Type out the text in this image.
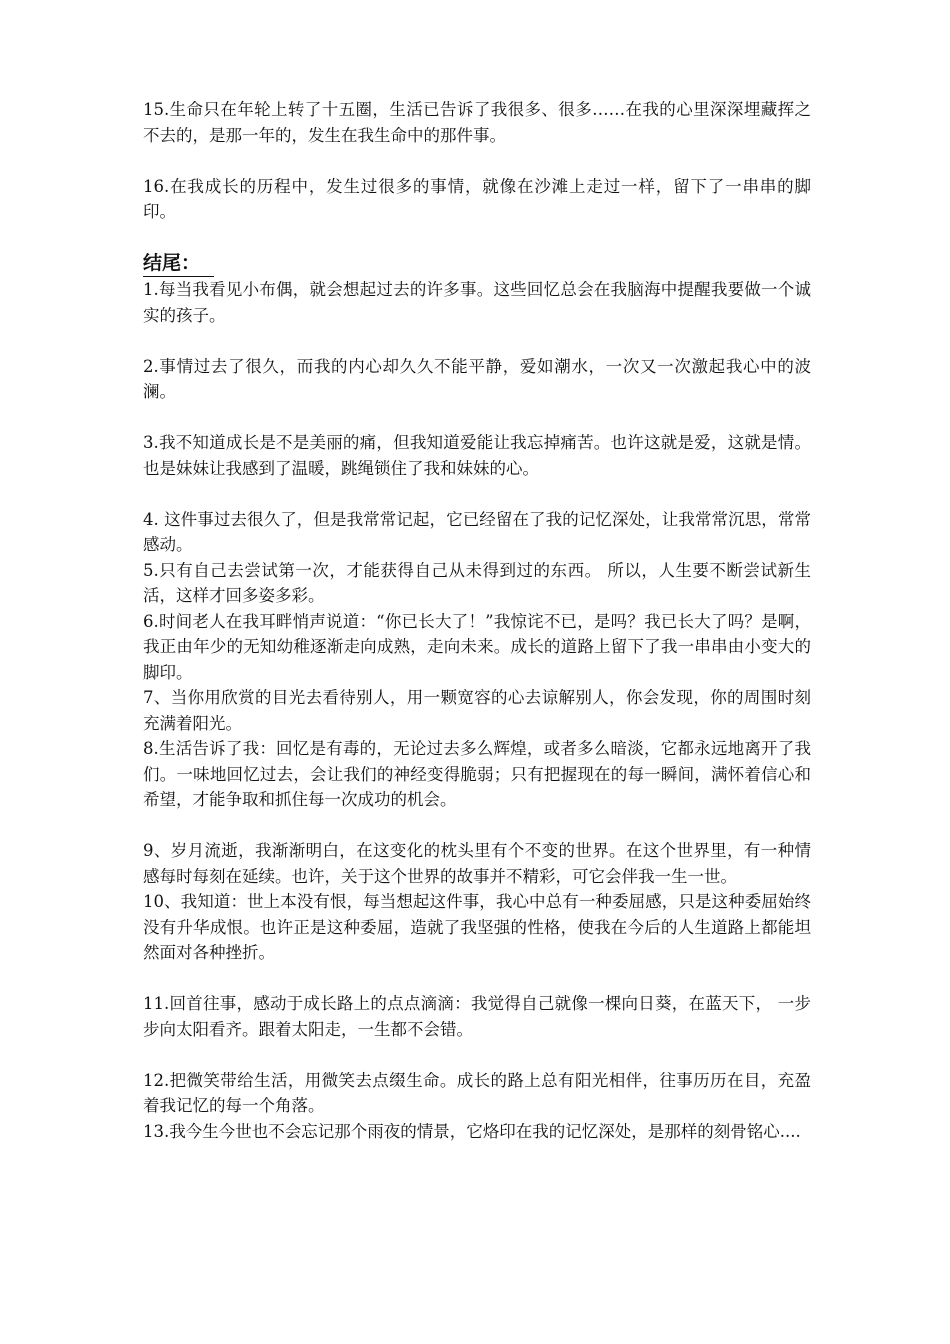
15.生命只在年轮上转了十五圈，生活已告诉了我很多、很多……在我的心里深深埋藏挥之不去的，是那一年的，发生在我生命中的那件事。

16.在我成长的历程中，发生过很多的事情，就像在沙滩上走过一样，留下了一串串的脚印。

结尾：

1.每当我看见小布偶，就会想起过去的许多事。这些回忆总会在我脑海中提醒我要做一个诚实的孩子。

2.事情过去了很久，而我的内心却久久不能平静，爱如潮水，一次又一次激起我心中的波澜。

3.我不知道成长是不是美丽的痛，但我知道爱能让我忘掉痛苦。也许这就是爱，这就是情。也是妹妹让我感到了温暖，跳绳锁住了我和妹妹的心。

4. 这件事过去很久了，但是我常常记起，它已经留在了我的记忆深处，让我常常沉思，常常感动。

5.只有自己去尝试第一次，才能获得自己从未得到过的东西。 所以，人生要不断尝试新生活，这样才回多姿多彩。

6.时间老人在我耳畔悄声说道：“你已长大了！”我惊诧不已，是吗？我已长大了吗？是啊，我正由年少的无知幼稚逐渐走向成熟，走向未来。成长的道路上留下了我一串串由小变大的脚印。

7、当你用欣赏的目光去看待别人，用一颗宽容的心去谅解别人，你会发现，你的周围时刻充满着阳光。

8.生活告诉了我：回忆是有毒的，无论过去多么辉煌，或者多么暗淡，它都永远地离开了我们。一味地回忆过去，会让我们的神经变得脆弱；只有把握现在的每一瞬间，满怀着信心和希望，才能争取和抓住每一次成功的机会。

9、岁月流逝，我渐渐明白，在这变化的枕头里有个不变的世界。在这个世界里，有一种情感每时每刻在延续。也许，关于这个世界的故事并不精彩，可它会伴我一生一世。

10、我知道：世上本没有恨，每当想起这件事，我心中总有一种委屈感，只是这种委屈始终没有升华成恨。也许正是这种委屈，造就了我坚强的性格，使我在今后的人生道路上都能坦然面对各种挫折。

11.回首往事，感动于成长路上的点点滴滴：我觉得自己就像一棵向日葵，在蓝天下， 一步步向太阳看齐。跟着太阳走，一生都不会错。

12.把微笑带给生活，用微笑去点缀生命。成长的路上总有阳光相伴，往事历历在目，充盈着我记忆的每一个角落。

13.我今生今世也不会忘记那个雨夜的情景，它烙印在我的记忆深处，是那样的刻骨铭心....
